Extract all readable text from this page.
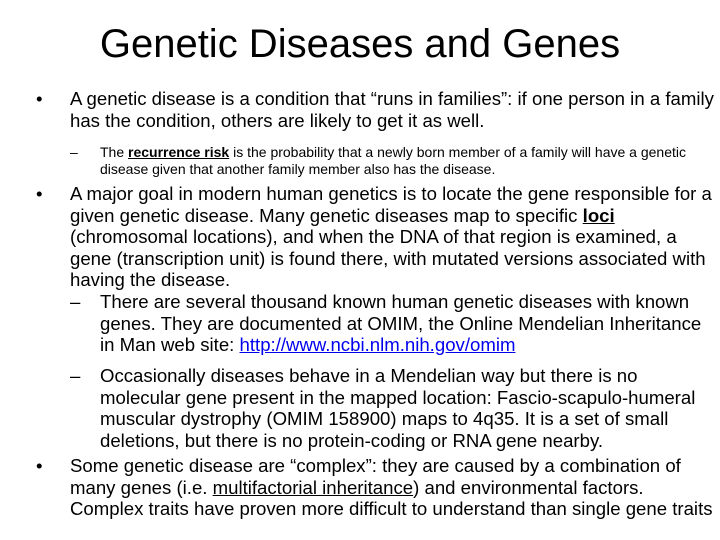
Genetic Diseases and Genes
•	A genetic disease is a condition that “runs in families”: if one person in a family has the condition, others are likely to get it as well.
– The recurrence risk is the probability that a newly born member of a family will have a genetic disease given that another family member also has the disease.
•	A major goal in modern human genetics is to locate the gene responsible for a given genetic disease. Many genetic diseases map to specific loci (chromosomal locations), and when the DNA of that region is examined, a gene (transcription unit) is found there, with mutated versions associated with having the disease.
– There are several thousand known human genetic diseases with known genes. They are documented at OMIM, the Online Mendelian Inheritance in Man web site: http://www.ncbi.nlm.nih.gov/omim
– Occasionally diseases behave in a Mendelian way but there is no molecular gene present in the mapped location: Fascio-scapulo-humeral muscular dystrophy (OMIM 158900) maps to 4q35. It is a set of small deletions, but there is no protein-coding or RNA gene nearby.
•	Some genetic disease are “complex”: they are caused by a combination of many genes (i.e. multifactorial inheritance) and environmental factors. Complex traits have proven more difficult to understand than single gene traits
